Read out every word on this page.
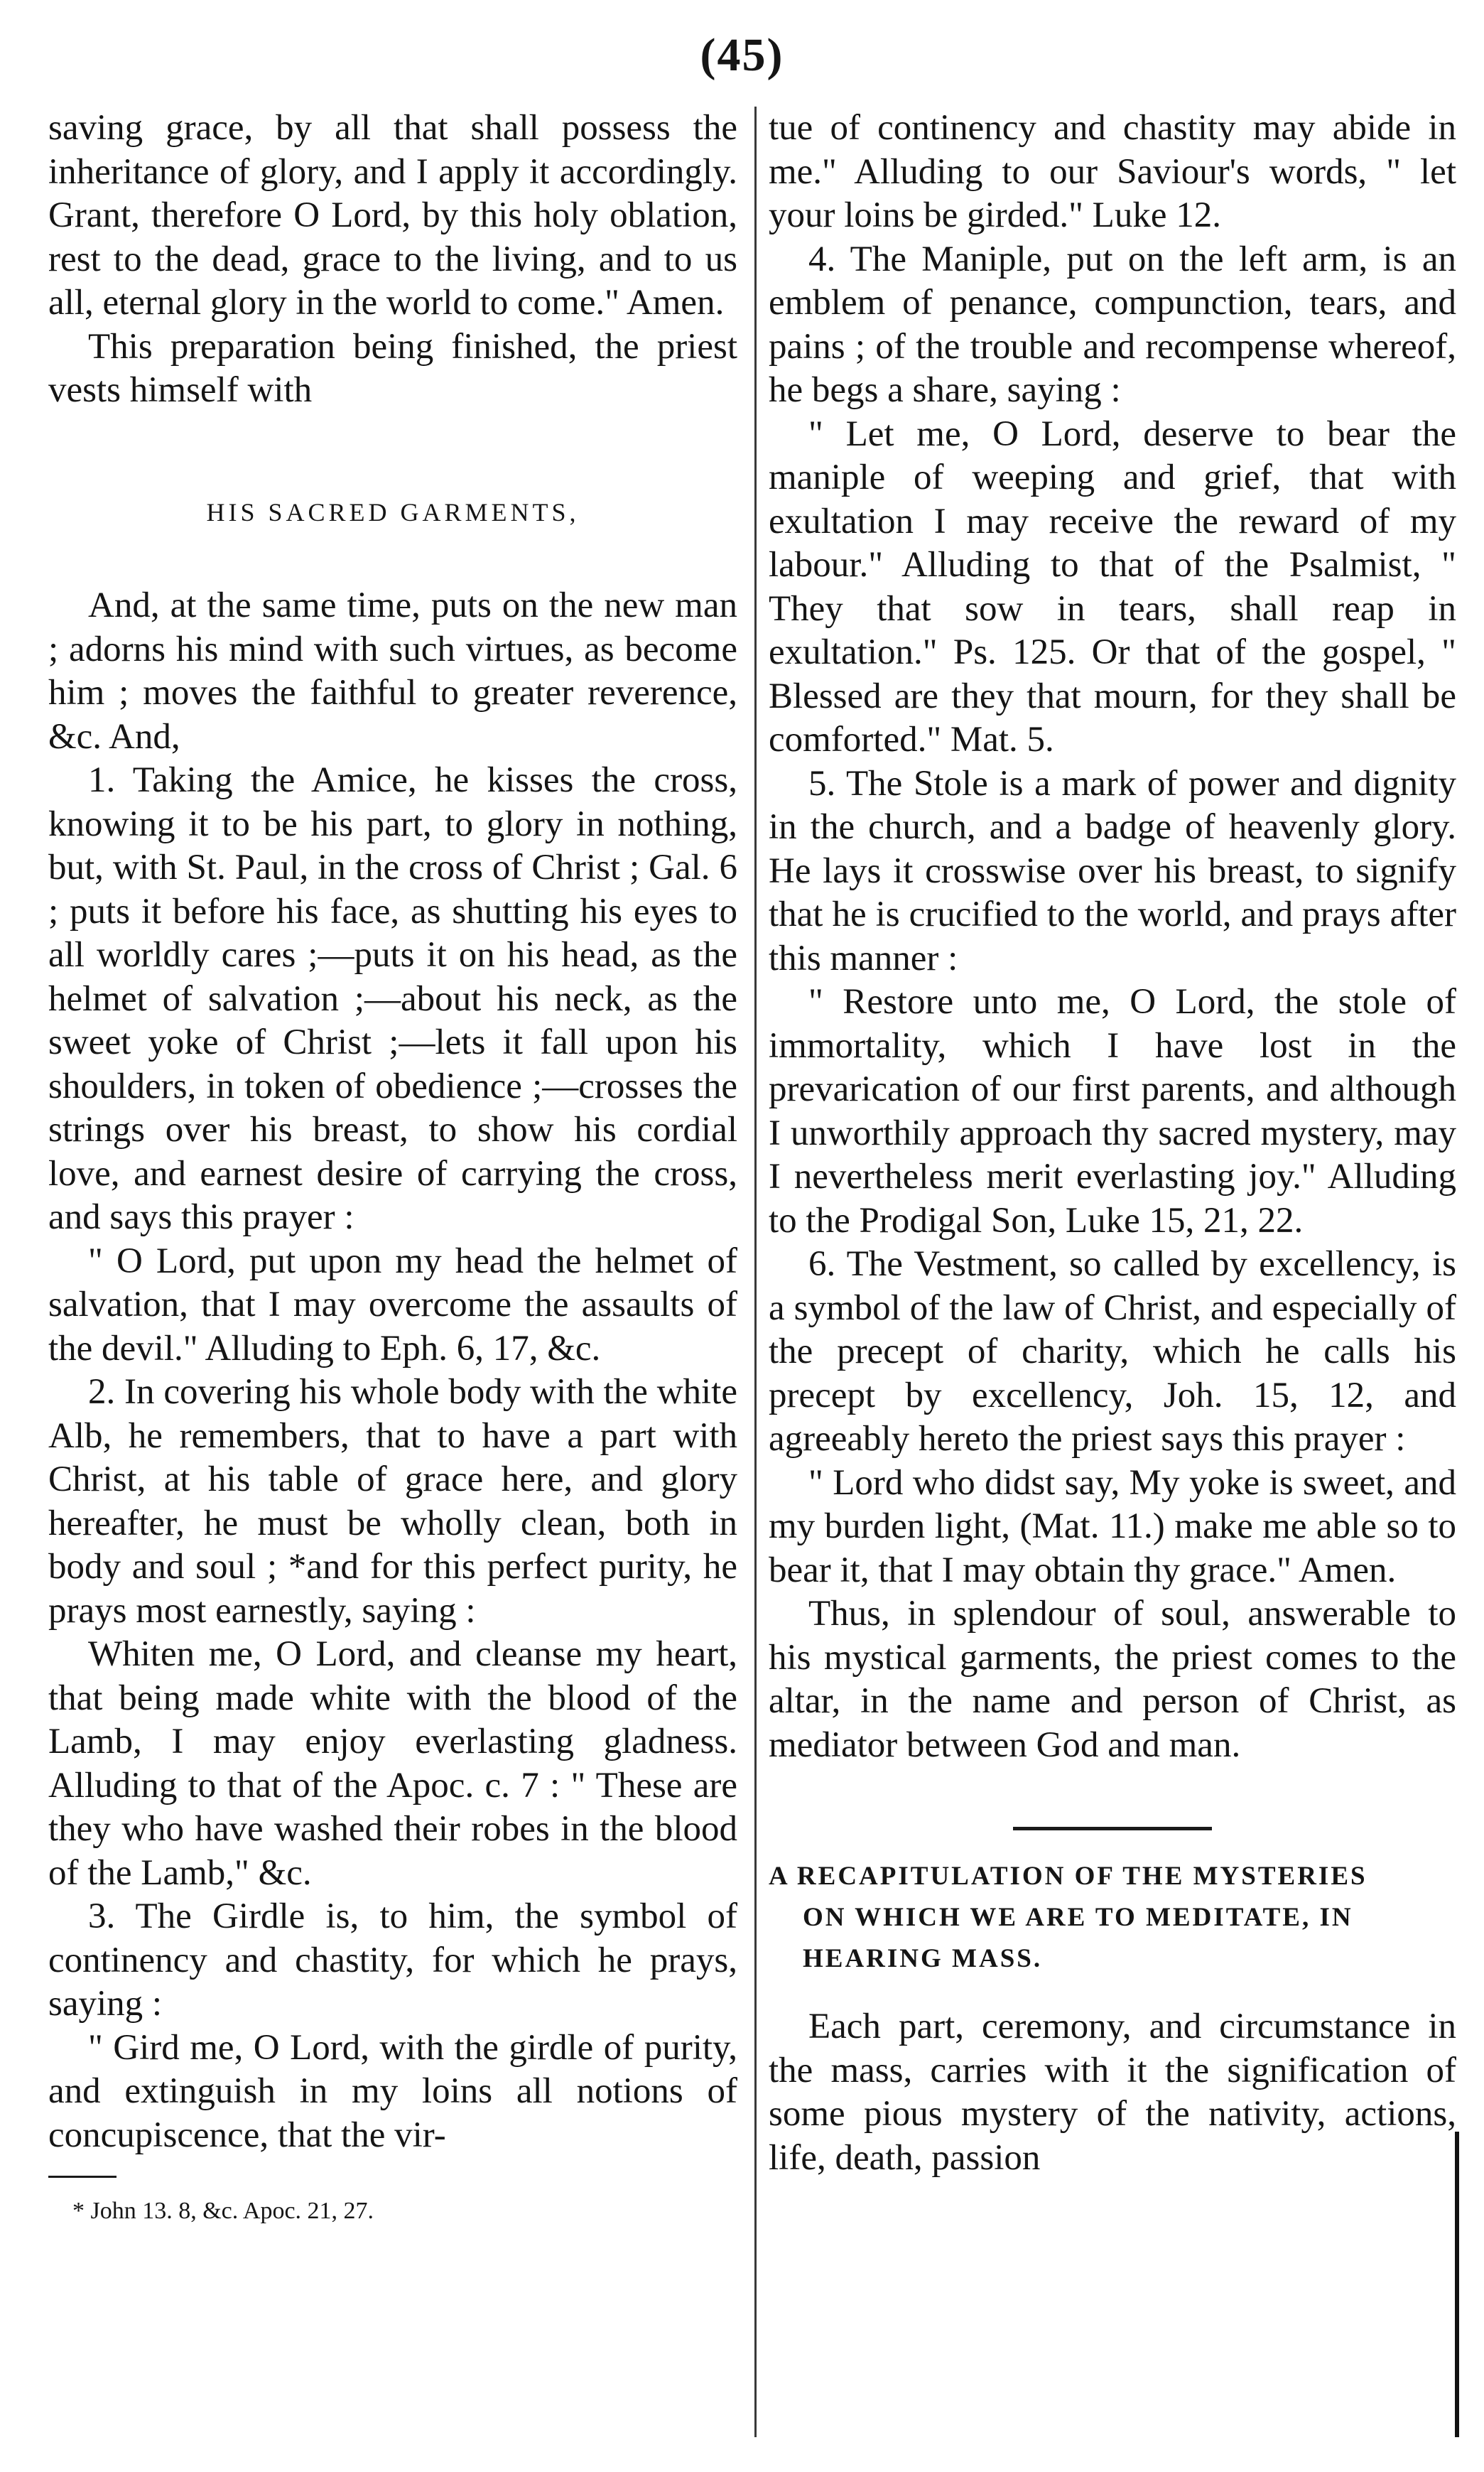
(45)

saving grace, by all that shall possess the inheritance of glory, and I apply it accordingly. Grant, therefore O Lord, by this holy oblation, rest to the dead, grace to the living, and to us all, eternal glory in the world to come." Amen.

This preparation being finished, the priest vests himself with

HIS SACRED GARMENTS,

And, at the same time, puts on the new man ; adorns his mind with such virtues, as become him ; moves the faithful to greater reverence, &c. And,

1. Taking the Amice, he kisses the cross, knowing it to be his part, to glory in nothing, but, with St. Paul, in the cross of Christ ; Gal. 6 ; puts it before his face, as shutting his eyes to all worldly cares ;—puts it on his head, as the helmet of salvation ;—about his neck, as the sweet yoke of Christ ;—lets it fall upon his shoulders, in token of obedience ;—crosses the strings over his breast, to show his cordial love, and earnest desire of carrying the cross, and says this prayer :

" O Lord, put upon my head the helmet of salvation, that I may overcome the assaults of the devil." Alluding to Eph. 6, 17, &c.

2. In covering his whole body with the white Alb, he remembers, that to have a part with Christ, at his table of grace here, and glory hereafter, he must be wholly clean, both in body and soul ; *and for this perfect purity, he prays most earnestly, saying :

Whiten me, O Lord, and cleanse my heart, that being made white with the blood of the Lamb, I may enjoy everlasting gladness. Alluding to that of the Apoc. c. 7 : " These are they who have washed their robes in the blood of the Lamb," &c.

3. The Girdle is, to him, the symbol of continency and chastity, for which he prays, saying :

" Gird me, O Lord, with the girdle of purity, and extinguish in my loins all notions of concupiscence, that the vir-

* John 13. 8, &c. Apoc. 21, 27.

tue of continency and chastity may abide in me." Alluding to our Saviour's words, " let your loins be girded." Luke 12.

4. The Maniple, put on the left arm, is an emblem of penance, compunction, tears, and pains ; of the trouble and recompense whereof, he begs a share, saying :

" Let me, O Lord, deserve to bear the maniple of weeping and grief, that with exultation I may receive the reward of my labour." Alluding to that of the Psalmist, " They that sow in tears, shall reap in exultation." Ps. 125. Or that of the gospel, " Blessed are they that mourn, for they shall be comforted." Mat. 5.

5. The Stole is a mark of power and dignity in the church, and a badge of heavenly glory. He lays it crosswise over his breast, to signify that he is crucified to the world, and prays after this manner :

" Restore unto me, O Lord, the stole of immortality, which I have lost in the prevarication of our first parents, and although I unworthily approach thy sacred mystery, may I nevertheless merit everlasting joy." Alluding to the Prodigal Son, Luke 15, 21, 22.

6. The Vestment, so called by excellency, is a symbol of the law of Christ, and especially of the precept of charity, which he calls his precept by excellency, Joh. 15, 12, and agreeably hereto the priest says this prayer :

" Lord who didst say, My yoke is sweet, and my burden light, (Mat. 11.) make me able so to bear it, that I may obtain thy grace." Amen.

Thus, in splendour of soul, answerable to his mystical garments, the priest comes to the altar, in the name and person of Christ, as mediator between God and man.

A RECAPITULATION OF THE MYSTERIES
ON WHICH WE ARE TO MEDITATE, IN
HEARING MASS.

Each part, ceremony, and circumstance in the mass, carries with it the signification of some pious mystery of the nativity, actions, life, death, passion
